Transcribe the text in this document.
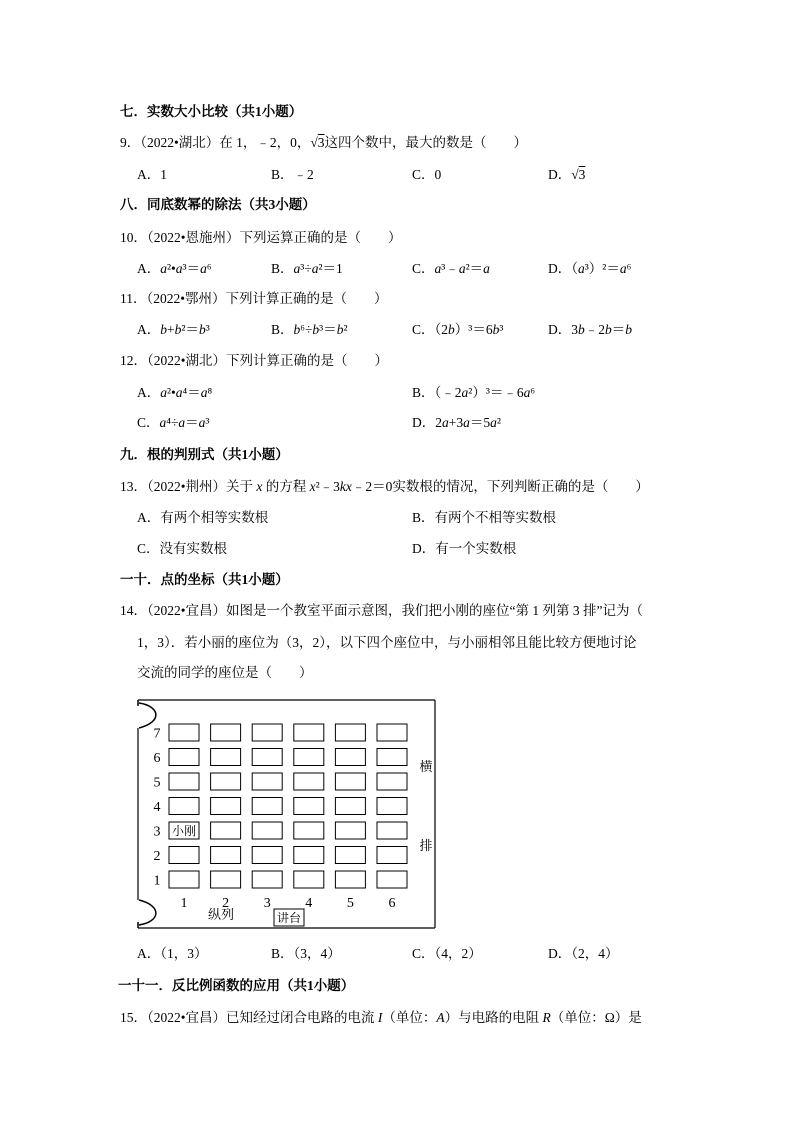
七．实数大小比较（共1小题）
9．（2022•湖北）在 1，﹣2，0，√3这四个数中，最大的数是（　　）
A．1	B．﹣2	C．0	D．√3
八．同底数幂的除法（共3小题）
10．（2022•恩施州）下列运算正确的是（　　）
A．a²•a³＝a⁶	B．a³÷a²＝1	C．a³﹣a²＝a	D．（a³）²＝a⁶
11．（2022•鄂州）下列计算正确的是（　　）
A．b+b²＝b³	B．b⁶÷b³＝b²	C．（2b）³＝6b³	D．3b﹣2b＝b
12．（2022•湖北）下列计算正确的是（　　）
A．a²•a⁴＝a⁸	B．（﹣2a²）³＝﹣6a⁶
C．a⁴÷a＝a³	D．2a+3a＝5a²
九．根的判别式（共1小题）
13．（2022•荆州）关于 x 的方程 x²﹣3kx﹣2＝0实数根的情况，下列判断正确的是（　　）
A．有两个相等实数根	B．有两个不相等实数根
C．没有实数根	D．有一个实数根
一十．点的坐标（共1小题）
14．（2022•宜昌）如图是一个教室平面示意图，我们把小刚的座位“第 1 列第 3 排”记为（
1，3）．若小丽的座位为（3，2），以下四个座位中，与小丽相邻且能比较方便地讨论
交流的同学的座位是（　　）
7
6
5
4
3
2
1
1 2 3 4 5 6
小刚
横
排
纵列	讲台
A．（1，3）	B．（3，4）	C．（4，2）	D．（2，4）
一十一．反比例函数的应用（共1小题）
15．（2022•宜昌）已知经过闭合电路的电流 I（单位：A）与电路的电阻 R（单位：Ω）是
